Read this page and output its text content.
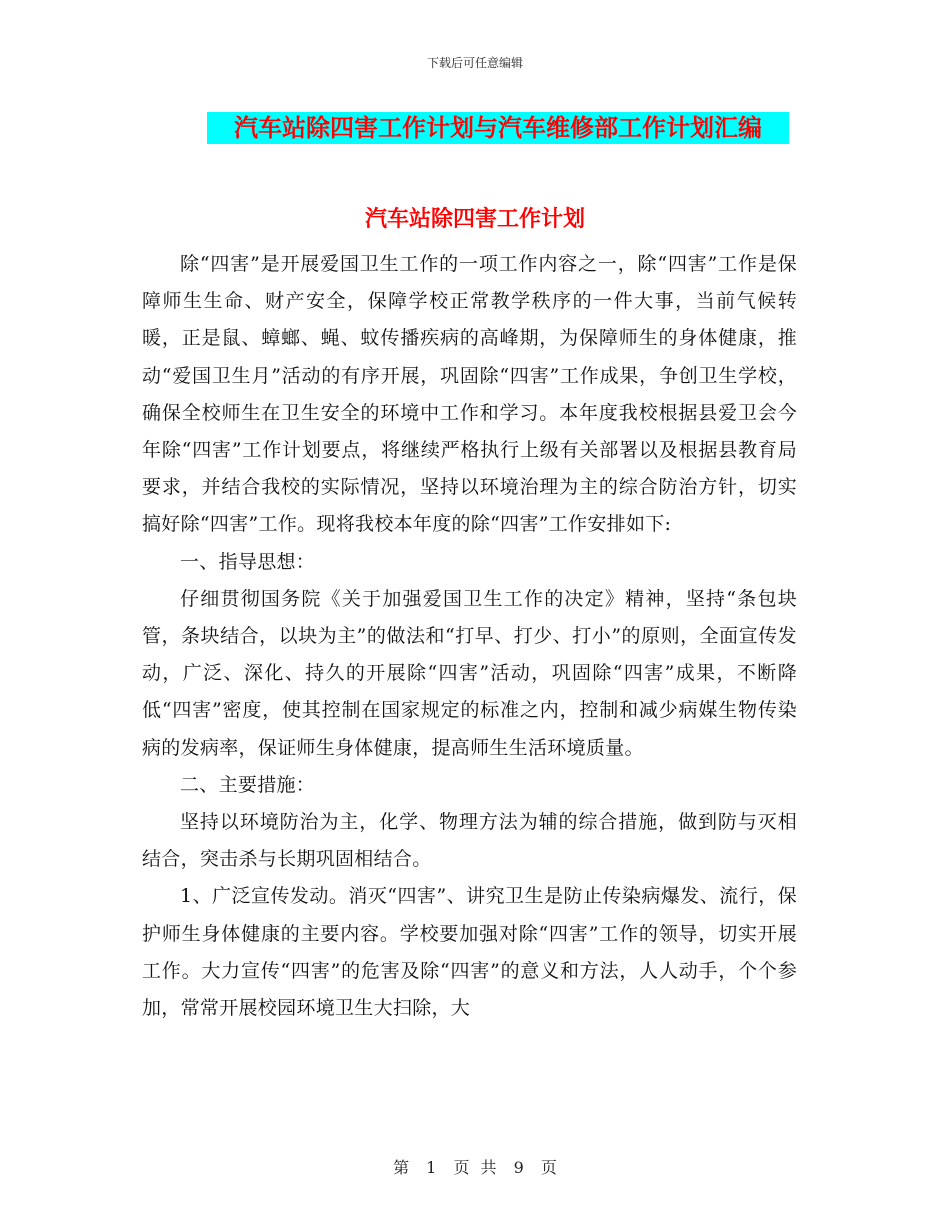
下载后可任意编辑
汽车站除四害工作计划与汽车维修部工作计划汇编
汽车站除四害工作计划

除“四害”是开展爱国卫生工作的一项工作内容之一，除“四害”工作是保障师生生命、财产安全，保障学校正常教学秩序的一件大事，当前气候转暖，正是鼠、蟑螂、蝇、蚊传播疾病的高峰期，为保障师生的身体健康，推动“爱国卫生月”活动的有序开展，巩固除“四害”工作成果，争创卫生学校，确保全校师生在卫生安全的环境中工作和学习。本年度我校根据县爱卫会今年除“四害”工作计划要点，将继续严格执行上级有关部署以及根据县教育局要求，并结合我校的实际情况，坚持以环境治理为主的综合防治方针，切实搞好除“四害”工作。现将我校本年度的除“四害”工作安排如下:

一、指导思想：

仔细贯彻国务院《关于加强爱国卫生工作的决定》精神，坚持“条包块管，条块结合，以块为主”的做法和“打早、打少、打小”的原则，全面宣传发动，广泛、深化、持久的开展除“四害”活动，巩固除“四害”成果，不断降低“四害”密度，使其控制在国家规定的标准之内，控制和减少病媒生物传染病的发病率，保证师生身体健康，提高师生生活环境质量。

二、主要措施：

坚持以环境防治为主，化学、物理方法为辅的综合措施，做到防与灭相结合，突击杀与长期巩固相结合。

1、广泛宣传发动。消灭“四害”、讲究卫生是防止传染病爆发、流行，保护师生身体健康的主要内容。学校要加强对除“四害”工作的领导，切实开展工作。大力宣传“四害”的危害及除“四害”的意义和方法，人人动手，个个参加，常常开展校园环境卫生大扫除，大

第 1 页 共 9 页
